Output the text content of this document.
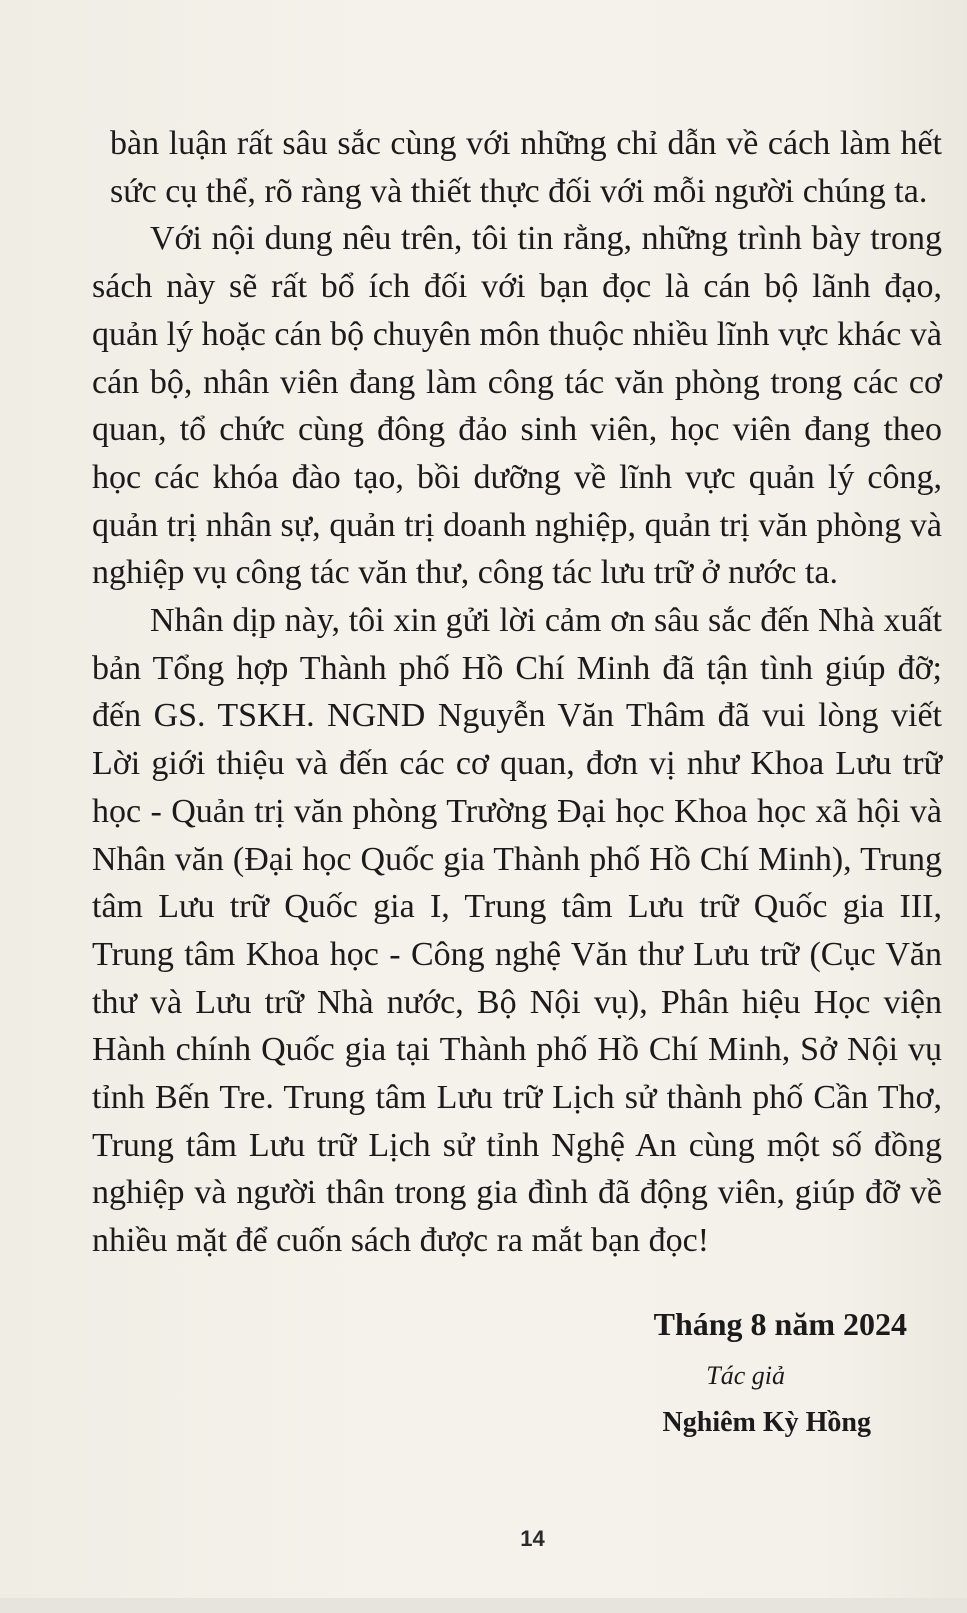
bàn luận rất sâu sắc cùng với những chỉ dẫn về cách làm hết sức cụ thể, rõ ràng và thiết thực đối với mỗi người chúng ta.

Với nội dung nêu trên, tôi tin rằng, những trình bày trong sách này sẽ rất bổ ích đối với bạn đọc là cán bộ lãnh đạo, quản lý hoặc cán bộ chuyên môn thuộc nhiều lĩnh vực khác và cán bộ, nhân viên đang làm công tác văn phòng trong các cơ quan, tổ chức cùng đông đảo sinh viên, học viên đang theo học các khóa đào tạo, bồi dưỡng về lĩnh vực quản lý công, quản trị nhân sự, quản trị doanh nghiệp, quản trị văn phòng và nghiệp vụ công tác văn thư, công tác lưu trữ ở nước ta.

Nhân dịp này, tôi xin gửi lời cảm ơn sâu sắc đến Nhà xuất bản Tổng hợp Thành phố Hồ Chí Minh đã tận tình giúp đỡ; đến GS. TSKH. NGND Nguyễn Văn Thâm đã vui lòng viết Lời giới thiệu và đến các cơ quan, đơn vị như Khoa Lưu trữ học - Quản trị văn phòng Trường Đại học Khoa học xã hội và Nhân văn (Đại học Quốc gia Thành phố Hồ Chí Minh), Trung tâm Lưu trữ Quốc gia I, Trung tâm Lưu trữ Quốc gia III, Trung tâm Khoa học - Công nghệ Văn thư Lưu trữ (Cục Văn thư và Lưu trữ Nhà nước, Bộ Nội vụ), Phân hiệu Học viện Hành chính Quốc gia tại Thành phố Hồ Chí Minh, Sở Nội vụ tỉnh Bến Tre. Trung tâm Lưu trữ Lịch sử thành phố Cần Thơ, Trung tâm Lưu trữ Lịch sử tỉnh Nghệ An cùng một số đồng nghiệp và người thân trong gia đình đã động viên, giúp đỡ về nhiều mặt để cuốn sách được ra mắt bạn đọc!

Tháng 8 năm 2024
Tác giả
Nghiêm Kỳ Hồng
14
